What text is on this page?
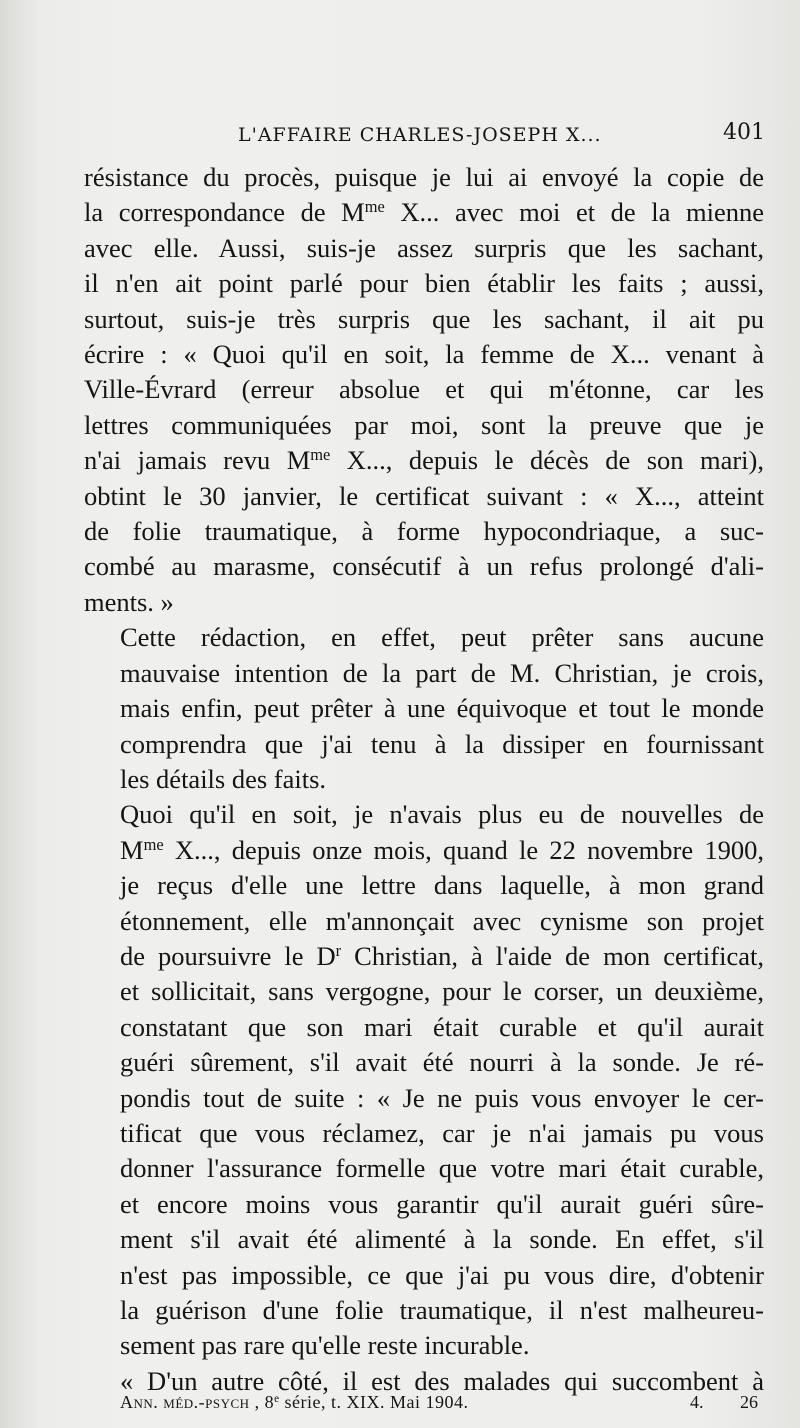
L'AFFAIRE CHARLES-JOSEPH X...	401

résistance du procès, puisque je lui ai envoyé la copie de
la correspondance de $M^{me}$ X... avec moi et de la mienne
avec elle. Aussi, suis-je assez surpris que les sachant,
il n'en ait point parlé pour bien établir les faits ; aussi,
surtout, suis-je très surpris que les sachant, il ait pu
écrire : « Quoi qu'il en soit, la femme de X... venant à
Ville-Évrard (erreur absolue et qui m'étonne, car les
lettres communiquées par moi, sont la preuve que je
n'ai jamais revu $M^{me}$ X..., depuis le décès de son mari),
obtint le 30 janvier, le certificat suivant : « X..., atteint
de folie traumatique, à forme hypocondriaque, a suc-
combé au marasme, consécutif à un refus prolongé d'ali-
ments. »

Cette rédaction, en effet, peut prêter sans aucune
mauvaise intention de la part de M. Christian, je crois,
mais enfin, peut prêter à une équivoque et tout le monde
comprendra que j'ai tenu à la dissiper en fournissant
les détails des faits.

Quoi qu'il en soit, je n'avais plus eu de nouvelles de
$M^{me}$ X..., depuis onze mois, quand le 22 novembre 1900,
je reçus d'elle une lettre dans laquelle, à mon grand
étonnement, elle m'annonçait avec cynisme son projet
de poursuivre le $D^r$ Christian, à l'aide de mon certificat,
et sollicitait, sans vergogne, pour le corser, un deuxième,
constatant que son mari était curable et qu'il aurait
guéri sûrement, s'il avait été nourri à la sonde. Je ré-
pondis tout de suite : « Je ne puis vous envoyer le cer-
tificat que vous réclamez, car je n'ai jamais pu vous
donner l'assurance formelle que votre mari était curable,
et encore moins vous garantir qu'il aurait guéri sûre-
ment s'il avait été alimenté à la sonde. En effet, s'il
n'est pas impossible, ce que j'ai pu vous dire, d'obtenir
la guérison d'une folie traumatique, il n'est malheureu-
sement pas rare qu'elle reste incurable.

« D'un autre côté, il est des malades qui succombent à

Ann. méd.-psych , 8e série, t. XIX. Mai 1904.	4. 26
